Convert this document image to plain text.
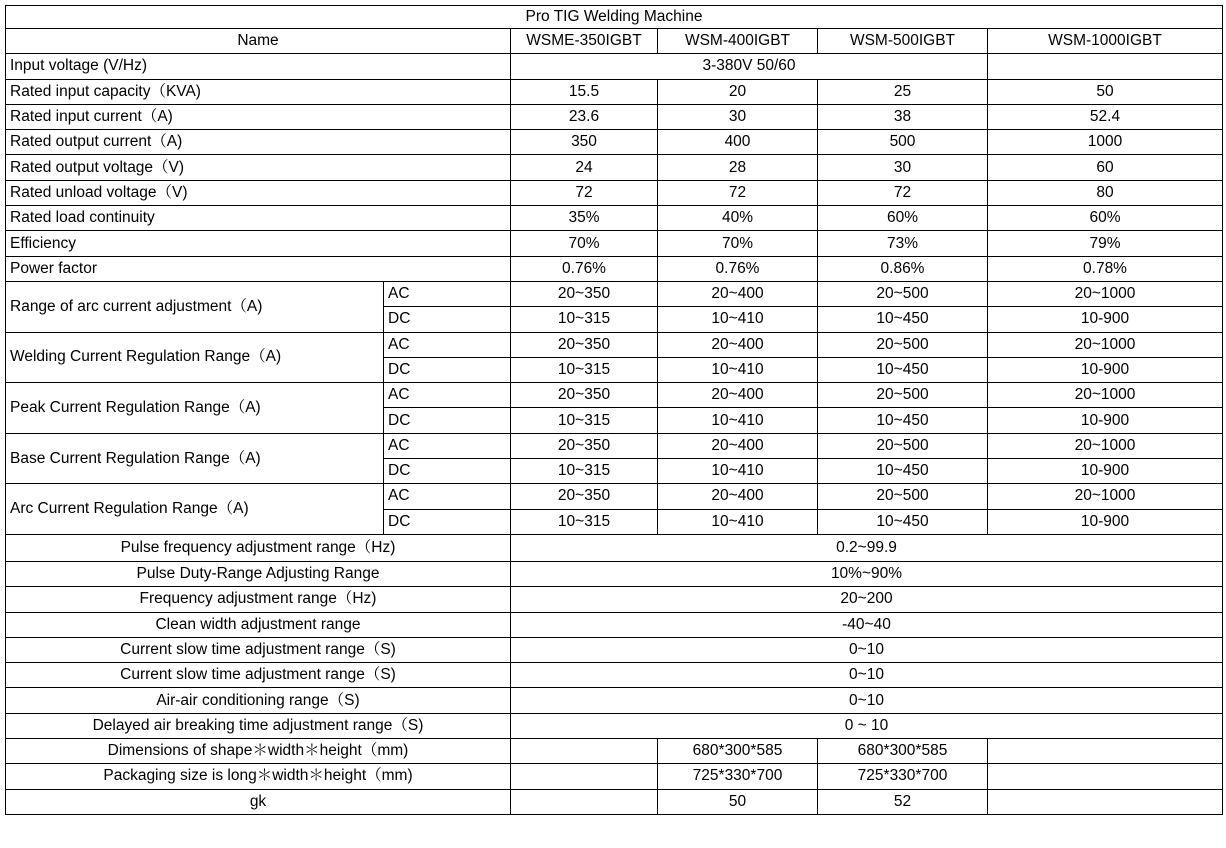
Pro TIG Welding Machine					
Name		WSME-350IGBT	WSM-400IGBT	WSM-500IGBT	WSM-1000IGBT
Input voltage (V/Hz)		3-380V 50/60			
Rated input capacity（KVA)		15.5	20	25	50
Rated input current（A)		23.6	30	38	52.4
Rated output current（A)		350	400	500	1000
Rated output voltage（V)		24	28	30	60
Rated unload voltage（V)		72	72	72	80
Rated load continuity		35%	40%	60%	60%
Efficiency		70%	70%	73%	79%
Power factor		0.76%	0.76%	0.86%	0.78%
Range of arc current adjustment（A)	AC	20~350	20~400	20~500	20~1000
	DC	10~315	10~410	10~450	10-900
Welding Current Regulation Range（A)	AC	20~350	20~400	20~500	20~1000
	DC	10~315	10~410	10~450	10-900
Peak Current Regulation Range（A)	AC	20~350	20~400	20~500	20~1000
	DC	10~315	10~410	10~450	10-900
Base Current Regulation Range（A)	AC	20~350	20~400	20~500	20~1000
	DC	10~315	10~410	10~450	10-900
Arc Current Regulation Range（A)	AC	20~350	20~400	20~500	20~1000
	DC	10~315	10~410	10~450	10-900
Pulse frequency adjustment range（Hz)		0.2~99.9			
Pulse Duty-Range Adjusting Range		10%~90%			
Frequency adjustment range（Hz)		20~200			
Clean width adjustment range		-40~40			
Current slow time adjustment range（S)		0~10			
Current slow time adjustment range（S)		0~10			
Air-air conditioning range（S)		0~10			
Delayed air breaking time adjustment range（S)		0 ~ 10			
Dimensions of shape＊width＊height（mm)			680*300*585	680*300*585	
Packaging size is long＊width＊height（mm)			725*330*700	725*330*700	
gk			50	52	
